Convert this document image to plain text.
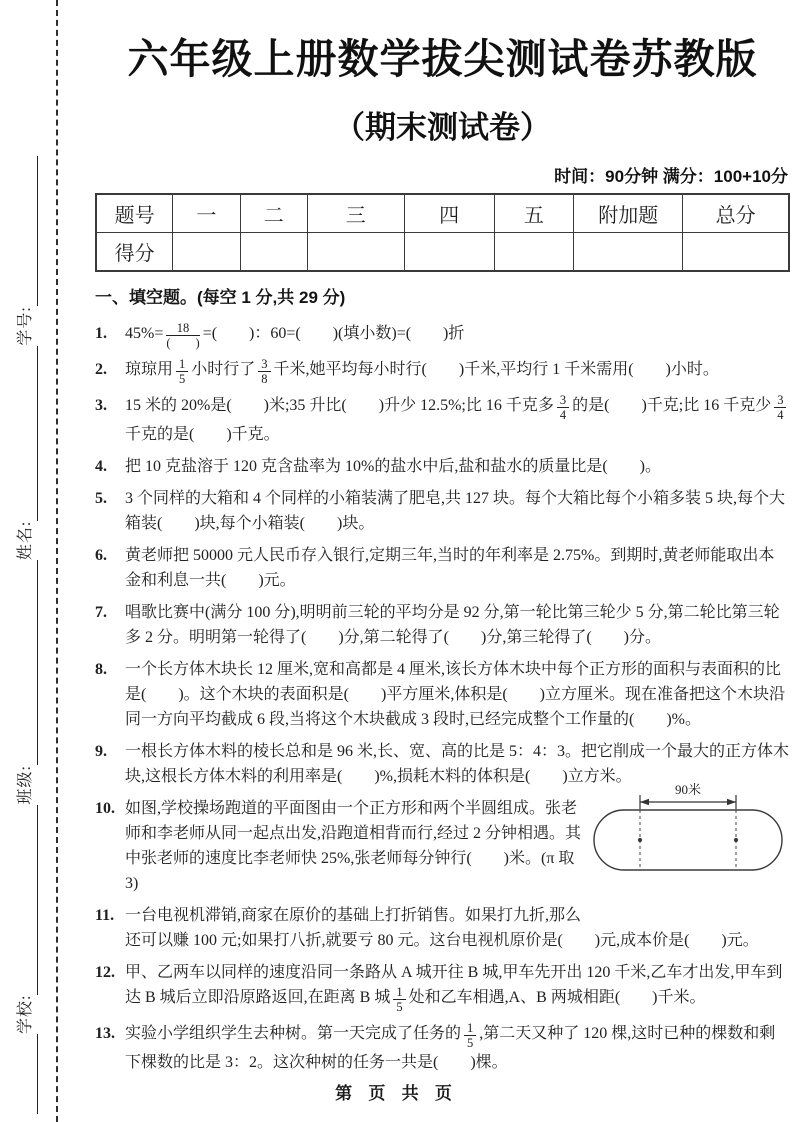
学校:
班级:
姓名:
学号:
六年级上册数学拔尖测试卷苏教版
（期末测试卷）
时间：90分钟 满分：100+10分
题号	一	二	三	四	五	附加题	总分
得分							
一、填空题。(每空 1 分,共 29 分)
1.	$45\%= \frac{18}{( )}$ =(　　)：60=(　　)(填小数)=(　　)折
2.	琼琼用 $\frac{1}{5}$ 小时行了 $\frac{3}{8}$ 千米,她平均每小时行(　　)千米,平均行 1 千米需用(　　)小时。
3.	15 米的 20%是(　　)米;35 升比(　　)升少 12.5%;比 16 千克多 $\frac{3}{4}$ 的是(　　)千克;比 16 千克少 $\frac{3}{4}$
千克的是(　　)千克。
4.	把 10 克盐溶于 120 克含盐率为 10%的盐水中后,盐和盐水的质量比是(　　)。
5.	3 个同样的大箱和 4 个同样的小箱装满了肥皂,共 127 块。每个大箱比每个小箱多装 5 块,每个大箱装(　　)块,每个小箱装(　　)块。
6.	黄老师把 50000 元人民币存入银行,定期三年,当时的年利率是 2.75%。到期时,黄老师能取出本金和利息一共(　　)元。
7.	唱歌比赛中(满分 100 分),明明前三轮的平均分是 92 分,第一轮比第三轮少 5 分,第二轮比第三轮多 2 分。明明第一轮得了(　　)分,第二轮得了(　　)分,第三轮得了(　　)分。
8.	一个长方体木块长 12 厘米,宽和高都是 4 厘米,该长方体木块中每个正方形的面积与表面积的比是(　　)。这个木块的表面积是(　　)平方厘米,体积是(　　)立方厘米。现在准备把这个木块沿同一方向平均截成 6 段,当将这个木块截成 3 段时,已经完成整个工作量的(　　)%。
9.	一根长方体木料的棱长总和是 96 米,长、宽、高的比是 5：4：3。把它削成一个最大的正方体木块,这根长方体木料的利用率是(　　)%,损耗木料的体积是(　　)立方米。
10. 如图,学校操场跑道的平面图由一个正方形和两个半圆组成。张老师和李老师从同一起点出发,沿跑道相背而行,经过 2 分钟相遇。其中张老师的速度比李老师快 25%,张老师每分钟行(　　)米。(π 取 3)
11. 一台电视机滞销,商家在原价的基础上打折销售。如果打九折,那么还可以赚 100 元;如果打八折,就要亏 80 元。这台电视机原价是(　　)元,成本价是(　　)元。
12. 甲、乙两车以同样的速度沿同一条路从 A 城开往 B 城,甲车先开出 120 千米,乙车才出发,甲车到达 B 城后立即沿原路返回,在距离 B 城 $\frac{1}{5}$ 处和乙车相遇,A、B 两城相距(　　)千米。
13. 实验小学组织学生去种树。第一天完成了任务的 $\frac{1}{5}$ ,第二天又种了 120 棵,这时已种的棵数和剩下棵数的比是 3：2。这次种树的任务一共是(　　)棵。
90米
第 页 共 页
